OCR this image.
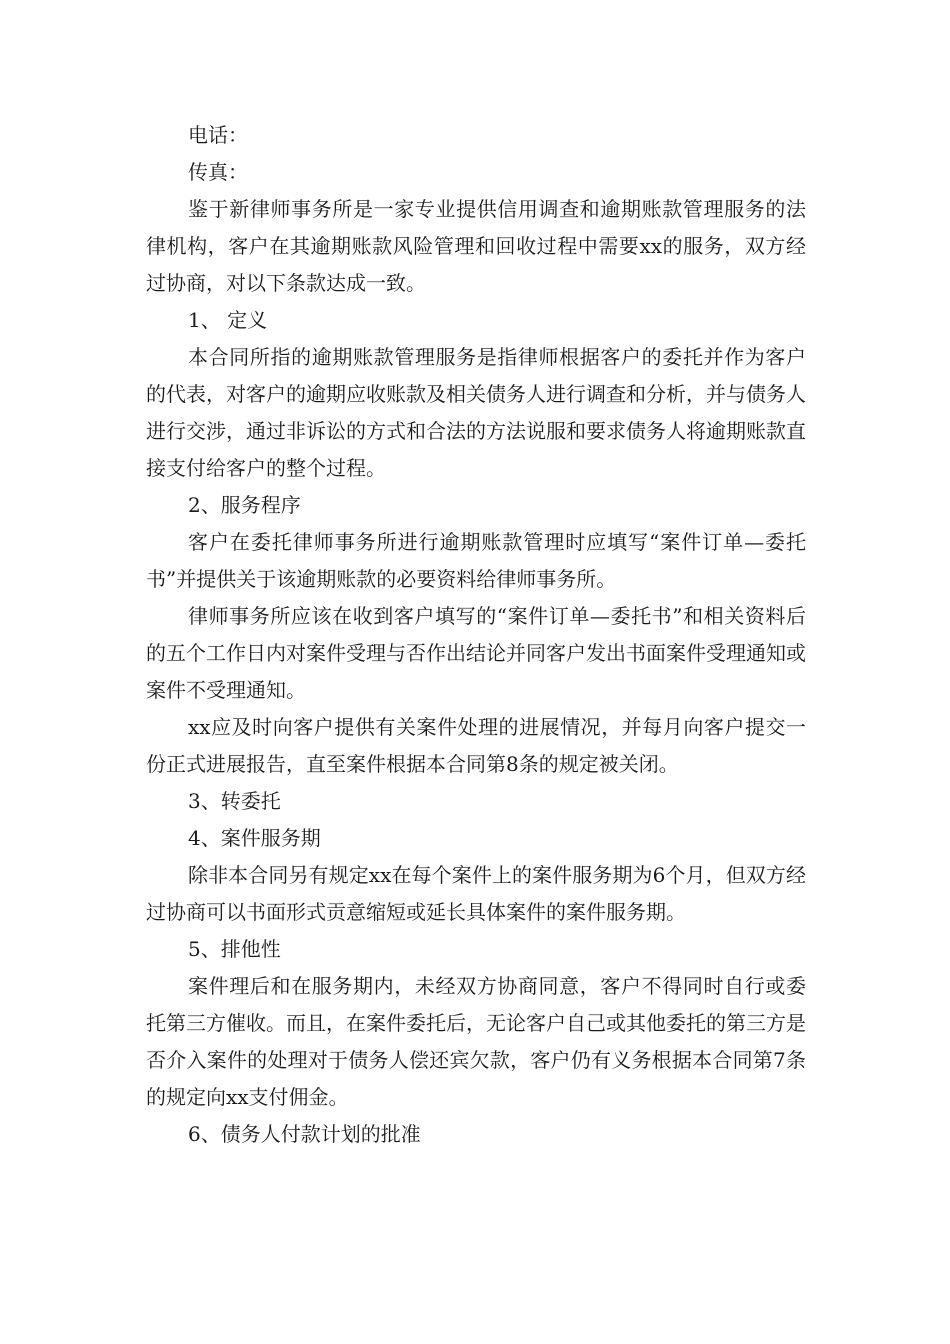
电话：

传真：

鉴于新律师事务所是一家专业提供信用调查和逾期账款管理服务的法律机构，客户在其逾期账款风险管理和回收过程中需要xx的服务，双方经过协商，对以下条款达成一致。

1、 定义

本合同所指的逾期账款管理服务是指律师根据客户的委托并作为客户的代表，对客户的逾期应收账款及相关债务人进行调查和分析，并与债务人进行交涉，通过非诉讼的方式和合法的方法说服和要求债务人将逾期账款直接支付给客户的整个过程。

2、服务程序

客户在委托律师事务所进行逾期账款管理时应填写“案件订单—委托书”并提供关于该逾期账款的必要资料给律师事务所。

律师事务所应该在收到客户填写的“案件订单—委托书”和相关资料后的五个工作日内对案件受理与否作出结论并同客户发出书面案件受理通知或案件不受理通知。

xx应及时向客户提供有关案件处理的进展情况，并每月向客户提交一份正式进展报告，直至案件根据本合同第8条的规定被关闭。

3、转委托

4、案件服务期

除非本合同另有规定xx在每个案件上的案件服务期为6个月，但双方经过协商可以书面形式贡意缩短或延长具体案件的案件服务期。

5、排他性

案件理后和在服务期内，未经双方协商同意，客户不得同时自行或委托第三方催收。而且，在案件委托后，无论客户自己或其他委托的第三方是否介入案件的处理对于债务人偿还宾欠款，客户仍有义务根据本合同第7条的规定向xx支付佣金。

6、债务人付款计划的批准
